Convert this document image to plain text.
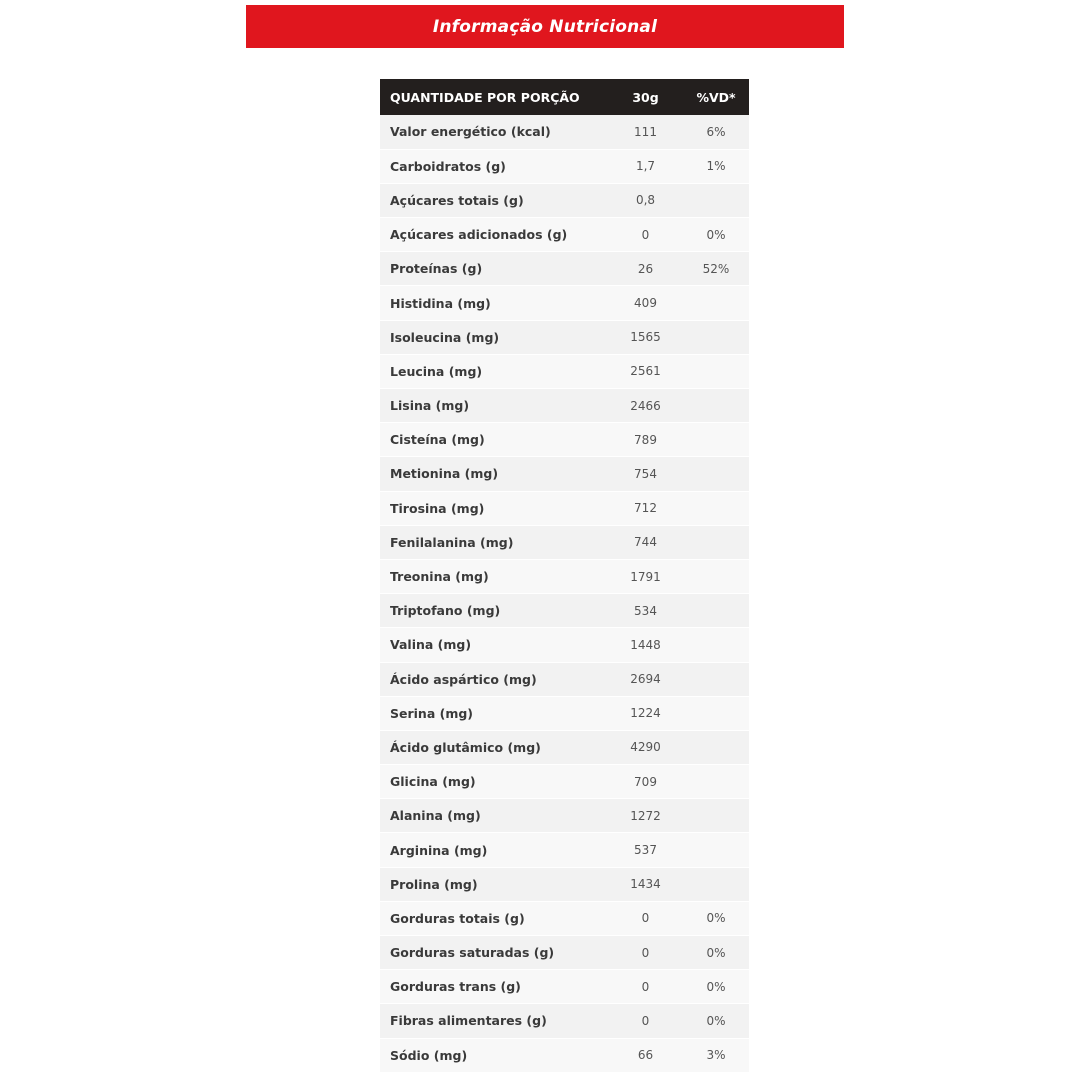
Informação Nutricional
QUANTIDADE POR PORÇÃO	30g	%VD*
Valor energético (kcal)	111	6%
Carboidratos (g)	1,7	1%
Açúcares totais (g)	0,8	
Açúcares adicionados (g)	0	0%
Proteínas (g)	26	52%
Histidina (mg)	409	
Isoleucina (mg)	1565	
Leucina (mg)	2561	
Lisina (mg)	2466	
Cisteína (mg)	789	
Metionina (mg)	754	
Tirosina (mg)	712	
Fenilalanina (mg)	744	
Treonina (mg)	1791	
Triptofano (mg)	534	
Valina (mg)	1448	
Ácido aspártico (mg)	2694	
Serina (mg)	1224	
Ácido glutâmico (mg)	4290	
Glicina (mg)	709	
Alanina (mg)	1272	
Arginina (mg)	537	
Prolina (mg)	1434	
Gorduras totais (g)	0	0%
Gorduras saturadas (g)	0	0%
Gorduras trans (g)	0	0%
Fibras alimentares (g)	0	0%
Sódio (mg)	66	3%
